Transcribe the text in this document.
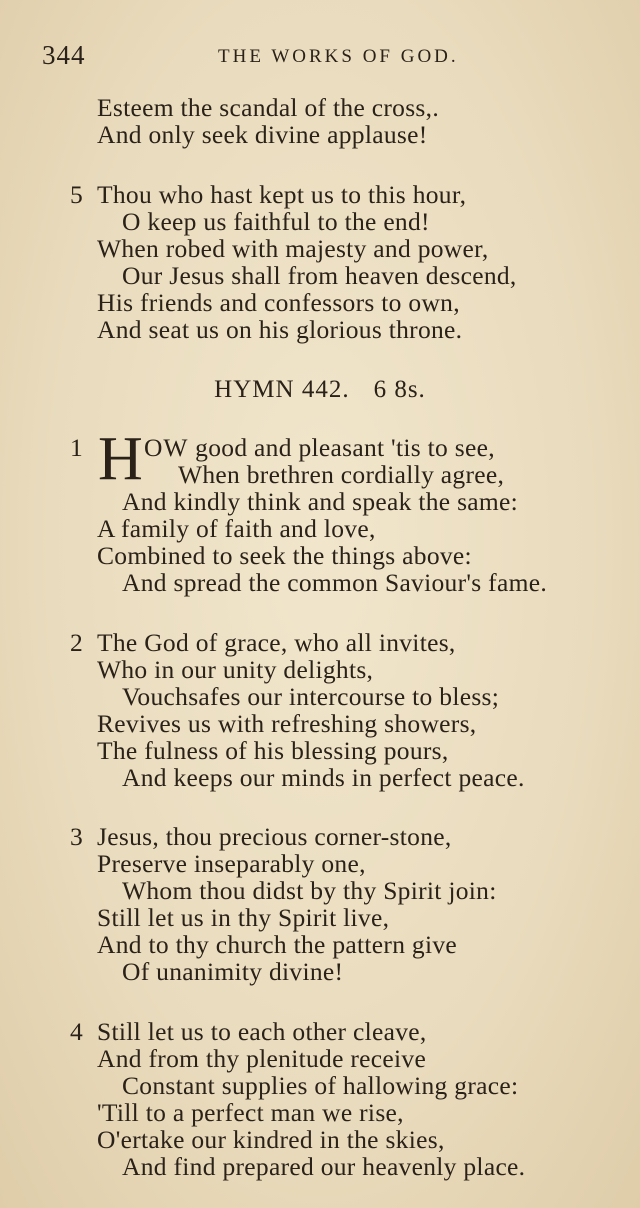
344	THE WORKS OF GOD.
Esteem the scandal of the cross,.
And only seek divine applause!
5 Thou who hast kept us to this hour,
O keep us faithful to the end!
When robed with majesty and power,
Our Jesus shall from heaven descend,
His friends and confessors to own,
And seat us on his glorious throne.
HYMN 442. 6 8s.
1 H OW good and pleasant 'tis to see,
When brethren cordially agree,
And kindly think and speak the same:
A family of faith and love,
Combined to seek the things above:
And spread the common Saviour's fame.
2 The God of grace, who all invites,
Who in our unity delights,
Vouchsafes our intercourse to bless;
Revives us with refreshing showers,
The fulness of his blessing pours,
And keeps our minds in perfect peace.
3 Jesus, thou precious corner-stone,
Preserve inseparably one,
Whom thou didst by thy Spirit join:
Still let us in thy Spirit live,
And to thy church the pattern give
Of unanimity divine!
4 Still let us to each other cleave,
And from thy plenitude receive
Constant supplies of hallowing grace:
'Till to a perfect man we rise,
O'ertake our kindred in the skies,
And find prepared our heavenly place.
